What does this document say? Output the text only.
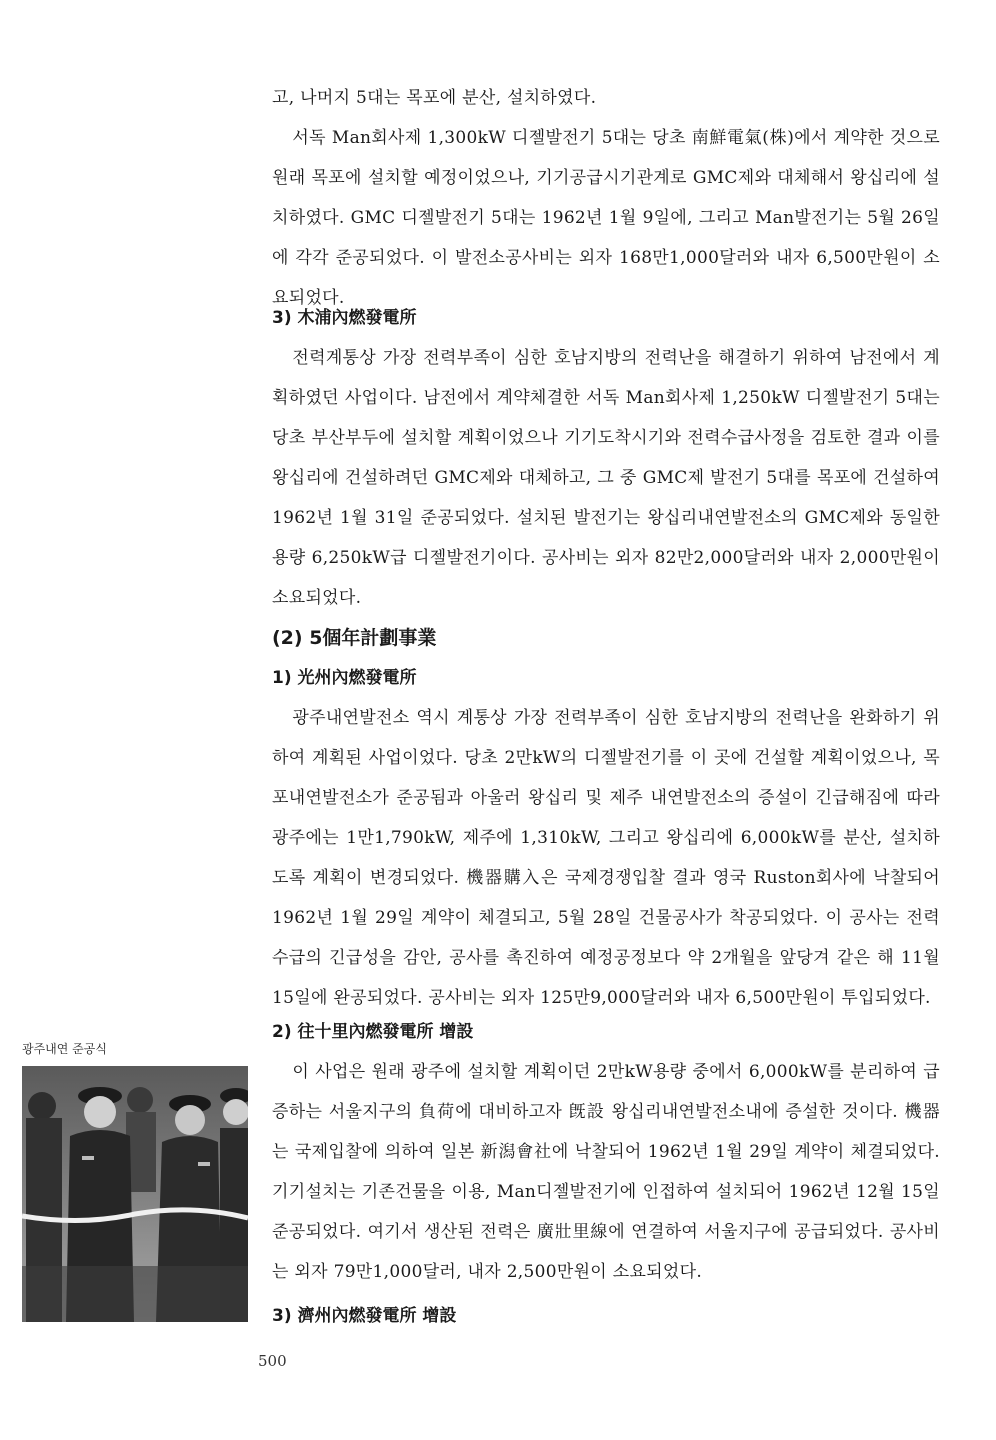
고, 나머지 5대는 목포에 분산, 설치하였다.

서독 Man회사제 1,300kW 디젤발전기 5대는 당초 南鮮電氣(株)에서 계약한 것으로 원래 목포에 설치할 예정이었으나, 기기공급시기관계로 GMC제와 대체해서 왕십리에 설치하였다. GMC 디젤발전기 5대는 1962년 1월 9일에, 그리고 Man발전기는 5월 26일에 각각 준공되었다. 이 발전소공사비는 외자 168만1,000달러와 내자 6,500만원이 소요되었다.

3) 木浦內燃發電所

전력계통상 가장 전력부족이 심한 호남지방의 전력난을 해결하기 위하여 남전에서 계획하였던 사업이다. 남전에서 계약체결한 서독 Man회사제 1,250kW 디젤발전기 5대는 당초 부산부두에 설치할 계획이었으나 기기도착시기와 전력수급사정을 검토한 결과 이를 왕십리에 건설하려던 GMC제와 대체하고, 그 중 GMC제 발전기 5대를 목포에 건설하여 1962년 1월 31일 준공되었다. 설치된 발전기는 왕십리내연발전소의 GMC제와 동일한 용량 6,250kW급 디젤발전기이다. 공사비는 외자 82만2,000달러와 내자 2,000만원이 소요되었다.

(2) 5個年計劃事業
1) 光州內燃發電所

광주내연발전소 역시 계통상 가장 전력부족이 심한 호남지방의 전력난을 완화하기 위하여 계획된 사업이었다. 당초 2만kW의 디젤발전기를 이 곳에 건설할 계획이었으나, 목포내연발전소가 준공됨과 아울러 왕십리 및 제주 내연발전소의 증설이 긴급해짐에 따라 광주에는 1만1,790kW, 제주에 1,310kW, 그리고 왕십리에 6,000kW를 분산, 설치하도록 계획이 변경되었다. 機器購入은 국제경쟁입찰 결과 영국 Ruston회사에 낙찰되어 1962년 1월 29일 계약이 체결되고, 5월 28일 건물공사가 착공되었다. 이 공사는 전력수급의 긴급성을 감안, 공사를 촉진하여 예정공정보다 약 2개월을 앞당겨 같은 해 11월 15일에 완공되었다. 공사비는 외자 125만9,000달러와 내자 6,500만원이 투입되었다.

2) 往十里內燃發電所 增設

이 사업은 원래 광주에 설치할 계획이던 2만kW용량 중에서 6,000kW를 분리하여 급증하는 서울지구의 負荷에 대비하고자 旣設 왕십리내연발전소내에 증설한 것이다. 機器는 국제입찰에 의하여 일본 新潟會社에 낙찰되어 1962년 1월 29일 계약이 체결되었다. 기기설치는 기존건물을 이용, Man디젤발전기에 인접하여 설치되어 1962년 12월 15일 준공되었다. 여기서 생산된 전력은 廣壯里線에 연결하여 서울지구에 공급되었다. 공사비는 외자 79만1,000달러, 내자 2,500만원이 소요되었다.

3) 濟州內燃發電所 增設
광주내연 준공식
500
